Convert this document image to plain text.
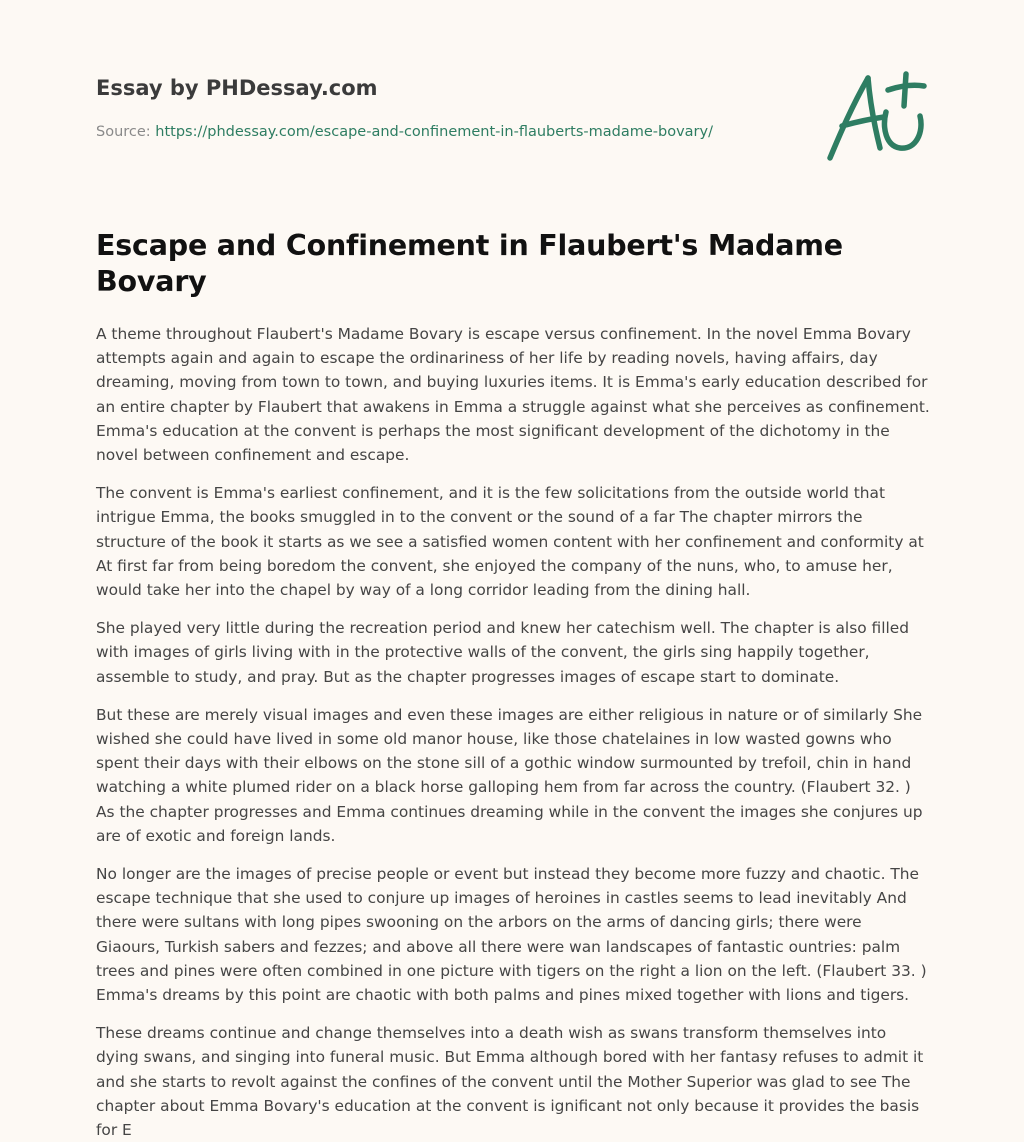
Essay by PHDessay.com
Source: https://phdessay.com/escape-and-confinement-in-flauberts-madame-bovary/
Escape and Confinement in Flaubert's Madame Bovary

A theme throughout Flaubert's Madame Bovary is escape versus confinement. In the novel Emma Bovary attempts again and again to escape the ordinariness of her life by reading novels, having affairs, day dreaming, moving from town to town, and buying luxuries items. It is Emma's early education described for an entire chapter by Flaubert that awakens in Emma a struggle against what she perceives as confinement. Emma's education at the convent is perhaps the most significant development of the dichotomy in the novel between confinement and escape.

The convent is Emma's earliest confinement, and it is the few solicitations from the outside world that intrigue Emma, the books smuggled in to the convent or the sound of a far The chapter mirrors the structure of the book it starts as we see a satisfied women content with her confinement and conformity at At first far from being boredom the convent, she enjoyed the company of the nuns, who, to amuse her, would take her into the chapel by way of a long corridor leading from the dining hall.

She played very little during the recreation period and knew her catechism well. The chapter is also filled with images of girls living with in the protective walls of the convent, the girls sing happily together, assemble to study, and pray. But as the chapter progresses images of escape start to dominate.

But these are merely visual images and even these images are either religious in nature or of similarly She wished she could have lived in some old manor house, like those chatelaines in low wasted gowns who spent their days with their elbows on the stone sill of a gothic window surmounted by trefoil, chin in hand watching a white plumed rider on a black horse galloping hem from far across the country. (Flaubert 32. ) As the chapter progresses and Emma continues dreaming while in the convent the images she conjures up are of exotic and foreign lands.

No longer are the images of precise people or event but instead they become more fuzzy and chaotic. The escape technique that she used to conjure up images of heroines in castles seems to lead inevitably And there were sultans with long pipes swooning on the arbors on the arms of dancing girls; there were Giaours, Turkish sabers and fezzes; and above all there were wan landscapes of fantastic ountries: palm trees and pines were often combined in one picture with tigers on the right a lion on the left. (Flaubert 33. ) Emma's dreams by this point are chaotic with both palms and pines mixed together with lions and tigers.

These dreams continue and change themselves into a death wish as swans transform themselves into dying swans, and singing into funeral music. But Emma although bored with her fantasy refuses to admit it and she starts to revolt against the confines of the convent until the Mother Superior was glad to see The chapter about Emma Bovary's education at the convent is ignificant not only because it provides the basis for E
